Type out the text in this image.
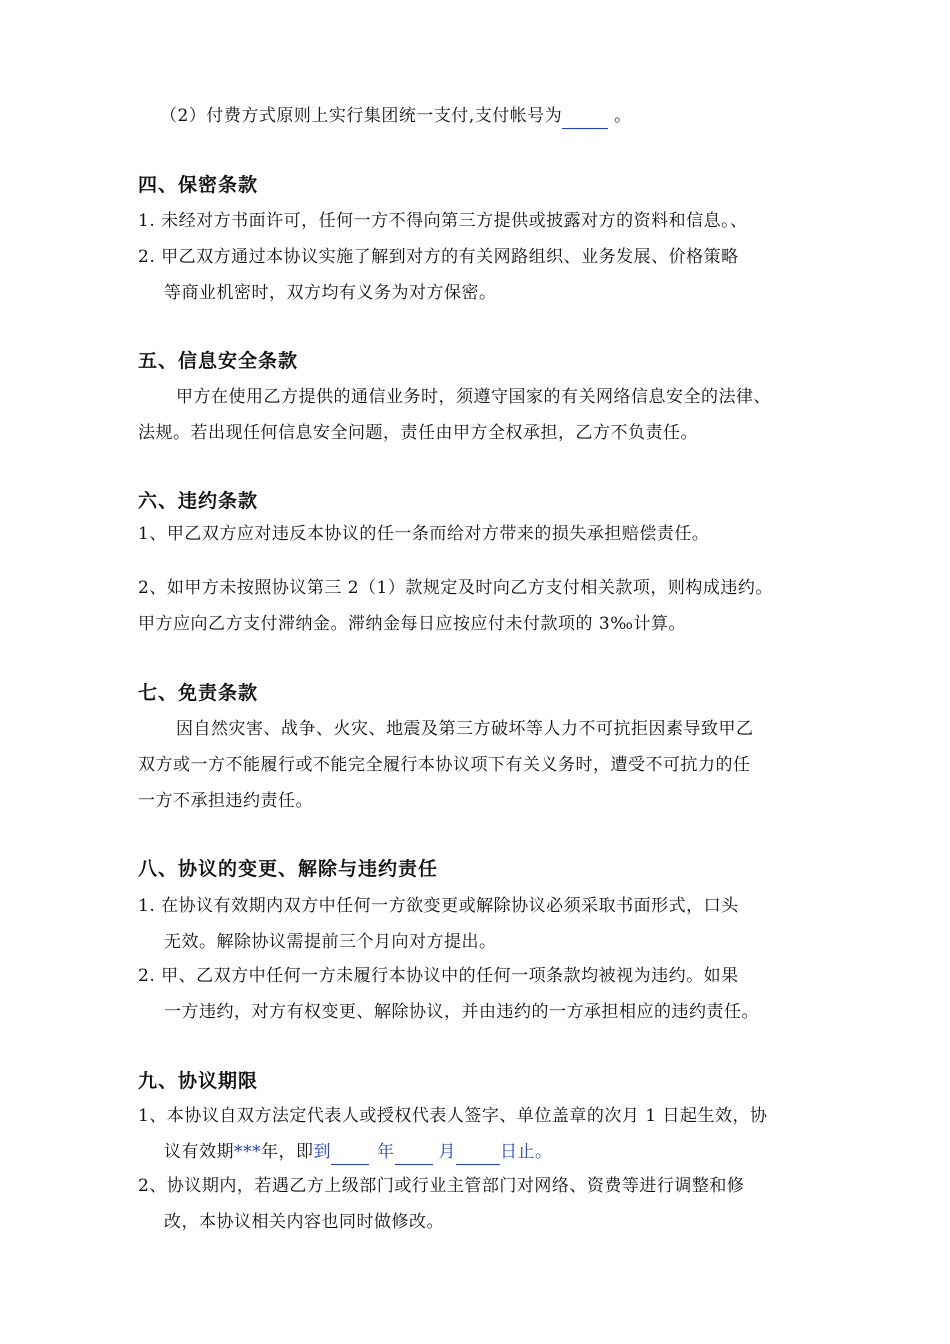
（2）付费方式原则上实行集团统一支付,支付帐号为	。
四、保密条款
1. 未经对方书面许可，任何一方不得向第三方提供或披露对方的资料和信息。、
2. 甲乙双方通过本协议实施了解到对方的有关网路组织、业务发展、价格策略
等商业机密时，双方均有义务为对方保密。
五、信息安全条款
甲方在使用乙方提供的通信业务时，须遵守国家的有关网络信息安全的法律、
法规。若出现任何信息安全问题，责任由甲方全权承担，乙方不负责任。
六、违约条款
1、甲乙双方应对违反本协议的任一条而给对方带来的损失承担赔偿责任。
2、如甲方未按照协议第三 2（1）款规定及时向乙方支付相关款项，则构成违约。
甲方应向乙方支付滞纳金。滞纳金每日应按应付未付款项的 3‰计算。
七、免责条款
因自然灾害、战争、火灾、地震及第三方破坏等人力不可抗拒因素导致甲乙
双方或一方不能履行或不能完全履行本协议项下有关义务时，遭受不可抗力的任
一方不承担违约责任。
八、协议的变更、解除与违约责任
1. 在协议有效期内双方中任何一方欲变更或解除协议必须采取书面形式，口头
无效。解除协议需提前三个月向对方提出。
2. 甲、乙双方中任何一方未履行本协议中的任何一项条款均被视为违约。如果
一方违约，对方有权变更、解除协议，并由违约的一方承担相应的违约责任。
九、协议期限
1、本协议自双方法定代表人或授权代表人签字、单位盖章的次月 1 日起生效，协
议有效期***年，即到	年	月	日止。
2、协议期内，若遇乙方上级部门或行业主管部门对网络、资费等进行调整和修
改，本协议相关内容也同时做修改。
